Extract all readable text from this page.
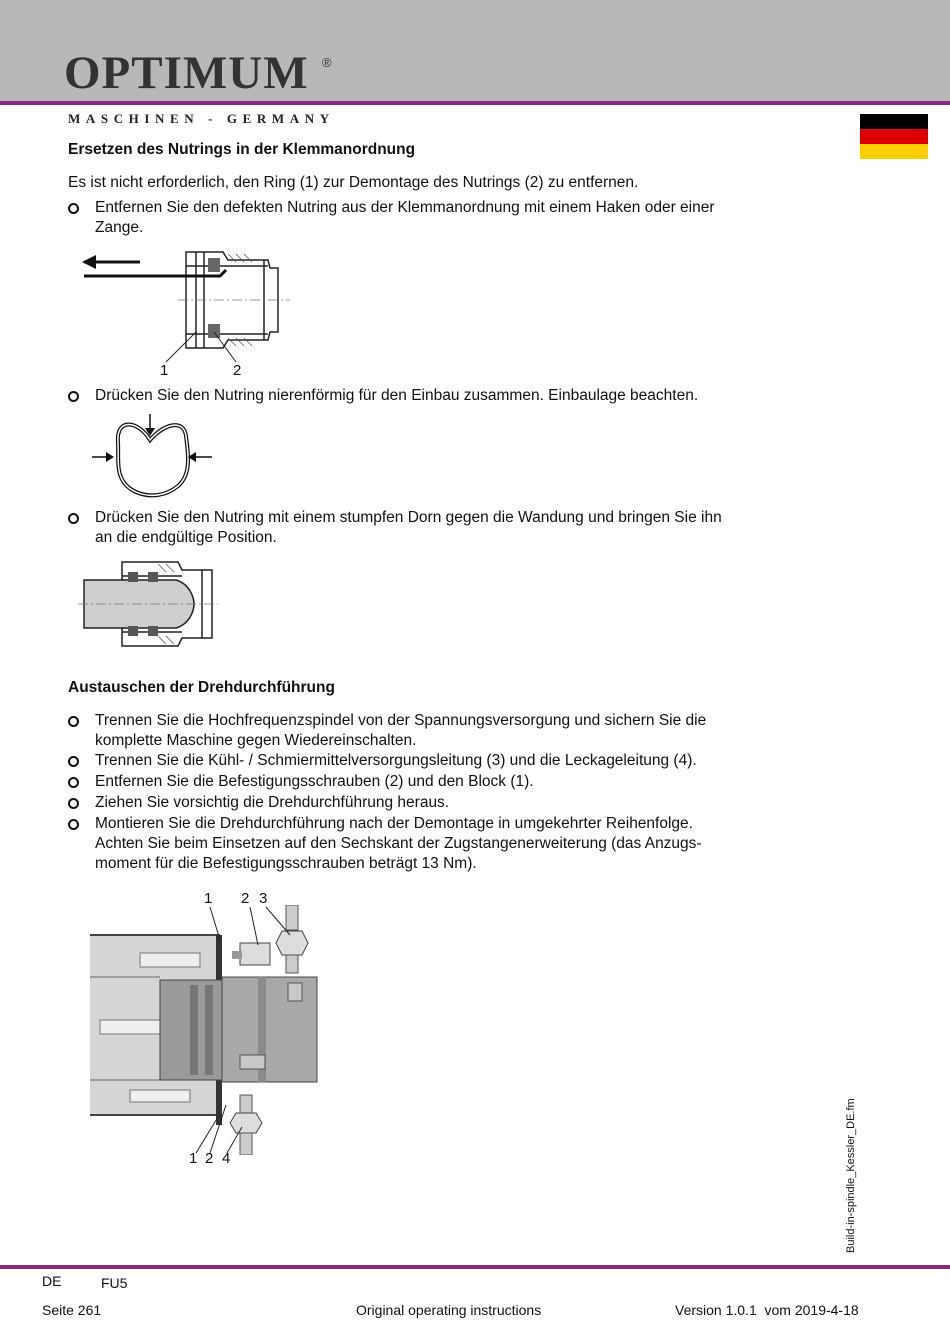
OPTIMUM ®
MASCHINEN - GERMANY
Ersetzen des Nutrings in der Klemmanordnung
Es ist nicht erforderlich, den Ring (1) zur Demontage des Nutrings (2) zu entfernen.
Entfernen Sie den defekten Nutring aus der Klemmanordnung mit einem Haken oder einer
Zange.
1	2
Drücken Sie den Nutring nierenförmig für den Einbau zusammen. Einbaulage beachten.
Drücken Sie den Nutring mit einem stumpfen Dorn gegen die Wandung und bringen Sie ihn
an die endgültige Position.
Austauschen der Drehdurchführung
Trennen Sie die Hochfrequenzspindel von der Spannungsversorgung und sichern Sie die
komplette Maschine gegen Wiedereinschalten.
Trennen Sie die Kühl- / Schmiermittelversorgungsleitung (3) und die Leckageleitung (4).
Entfernen Sie die Befestigungsschrauben (2) und den Block (1).
Ziehen Sie vorsichtig die Drehdurchführung heraus.
Montieren Sie die Drehdurchführung nach der Demontage in umgekehrter Reihenfolge.
Achten Sie beim Einsetzen auf den Sechskant der Zugstangenerweiterung (das Anzugs-
moment für die Befestigungsschrauben beträgt 13 Nm).
1 2 3
1 2 4	Build-in-spindle_Kessler_DE.fm
DE	FU5
Seite 261	Original operating instructions	Version 1.0.1  vom 2019-4-18
